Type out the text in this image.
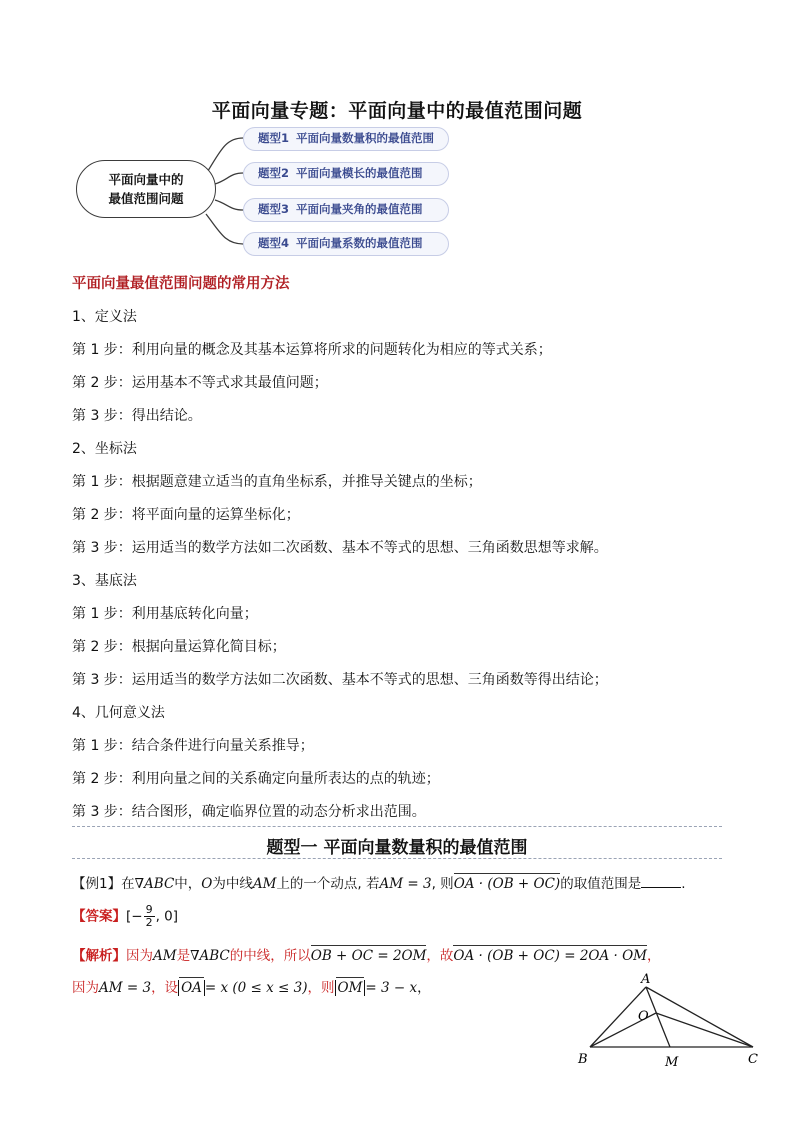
平面向量专题：平面向量中的最值范围问题
平面向量中的
最值范围问题
题型1 平面向量数量积的最值范围
题型2 平面向量模长的最值范围
题型3 平面向量夹角的最值范围
题型4 平面向量系数的最值范围
平面向量最值范围问题的常用方法
1、定义法
第 1 步：利用向量的概念及其基本运算将所求的问题转化为相应的等式关系；
第 2 步：运用基本不等式求其最值问题；
第 3 步：得出结论。
2、坐标法
第 1 步：根据题意建立适当的直角坐标系，并推导关键点的坐标；
第 2 步：将平面向量的运算坐标化；
第 3 步：运用适当的数学方法如二次函数、基本不等式的思想、三角函数思想等求解。
3、基底法
第 1 步：利用基底转化向量；
第 2 步：根据向量运算化简目标；
第 3 步：运用适当的数学方法如二次函数、基本不等式的思想、三角函数等得出结论；
4、几何意义法
第 1 步：结合条件进行向量关系推导；
第 2 步：利用向量之间的关系确定向量所表达的点的轨迹；
第 3 步：结合图形，确定临界位置的动态分析求出范围。
题型一 平面向量数量积的最值范围
【例1】在∇ABC中，O为中线AM上的一个动点, 若AM = 3, 则OA · (OB + OC)的取值范围是	.
【答案】[− $\frac{9}{2}$ , 0]
【解析】因为AM是∇ABC的中线，所以OB + OC = 2OM，故OA · (OB + OC) = 2OA · OM，
因为AM = 3，设 OA = x (0 ≤ x ≤ 3)，则 OM = 3 − x，
A
B	C
O
M
